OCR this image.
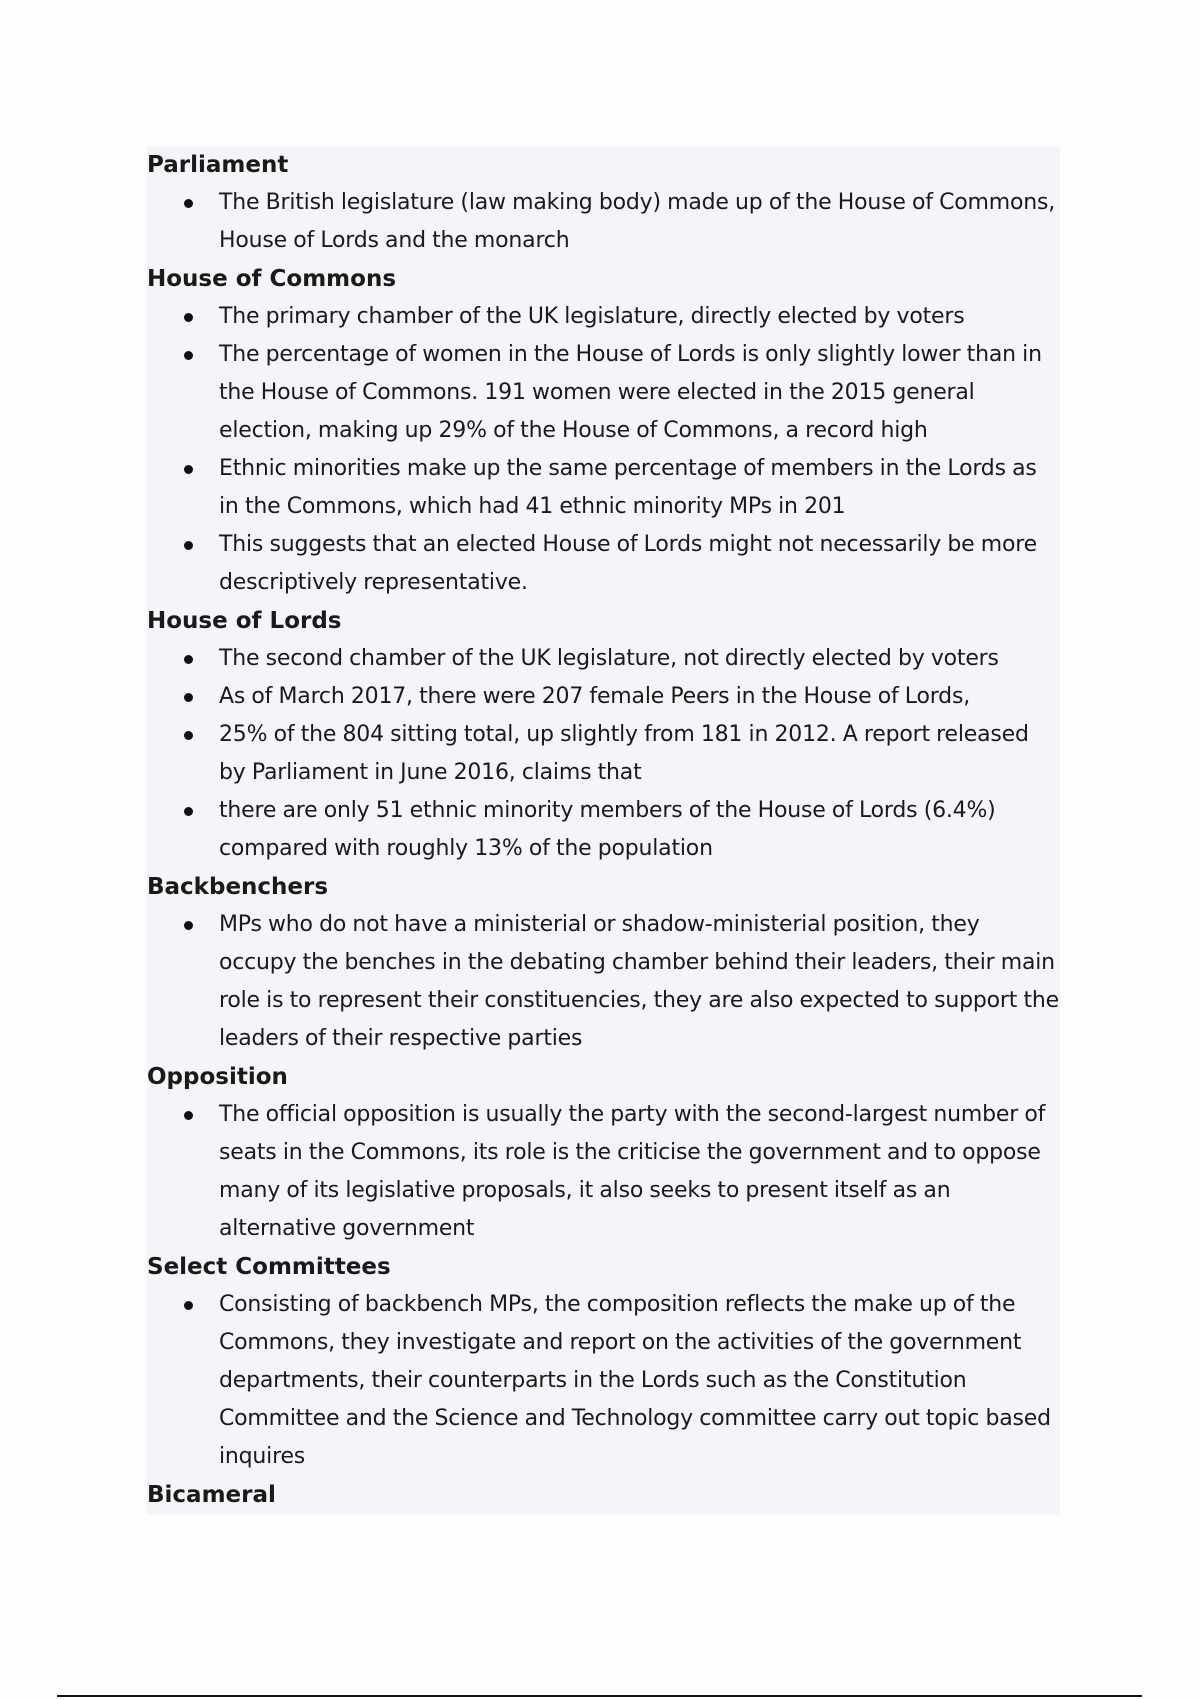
Parliament
The British legislature (law making body) made up of the House of Commons, House of Lords and the monarch
House of Commons
The primary chamber of the UK legislature, directly elected by voters
The percentage of women in the House of Lords is only slightly lower than in the House of Commons. 191 women were elected in the 2015 general election, making up 29% of the House of Commons, a record high
Ethnic minorities make up the same percentage of members in the Lords as in the Commons, which had 41 ethnic minority MPs in 201
This suggests that an elected House of Lords might not necessarily be more descriptively representative.
House of Lords
The second chamber of the UK legislature, not directly elected by voters
As of March 2017, there were 207 female Peers in the House of Lords,
25% of the 804 sitting total, up slightly from 181 in 2012. A report released by Parliament in June 2016, claims that
there are only 51 ethnic minority members of the House of Lords (6.4%) compared with roughly 13% of the population
Backbenchers
MPs who do not have a ministerial or shadow-ministerial position, they occupy the benches in the debating chamber behind their leaders, their main role is to represent their constituencies, they are also expected to support the leaders of their respective parties
Opposition
The official opposition is usually the party with the second-largest number of seats in the Commons, its role is the criticise the government and to oppose many of its legislative proposals, it also seeks to present itself as an alternative government
Select Committees
Consisting of backbench MPs, the composition reflects the make up of the Commons, they investigate and report on the activities of the government departments, their counterparts in the Lords such as the Constitution Committee and the Science and Technology committee carry out topic based inquires
Bicameral
